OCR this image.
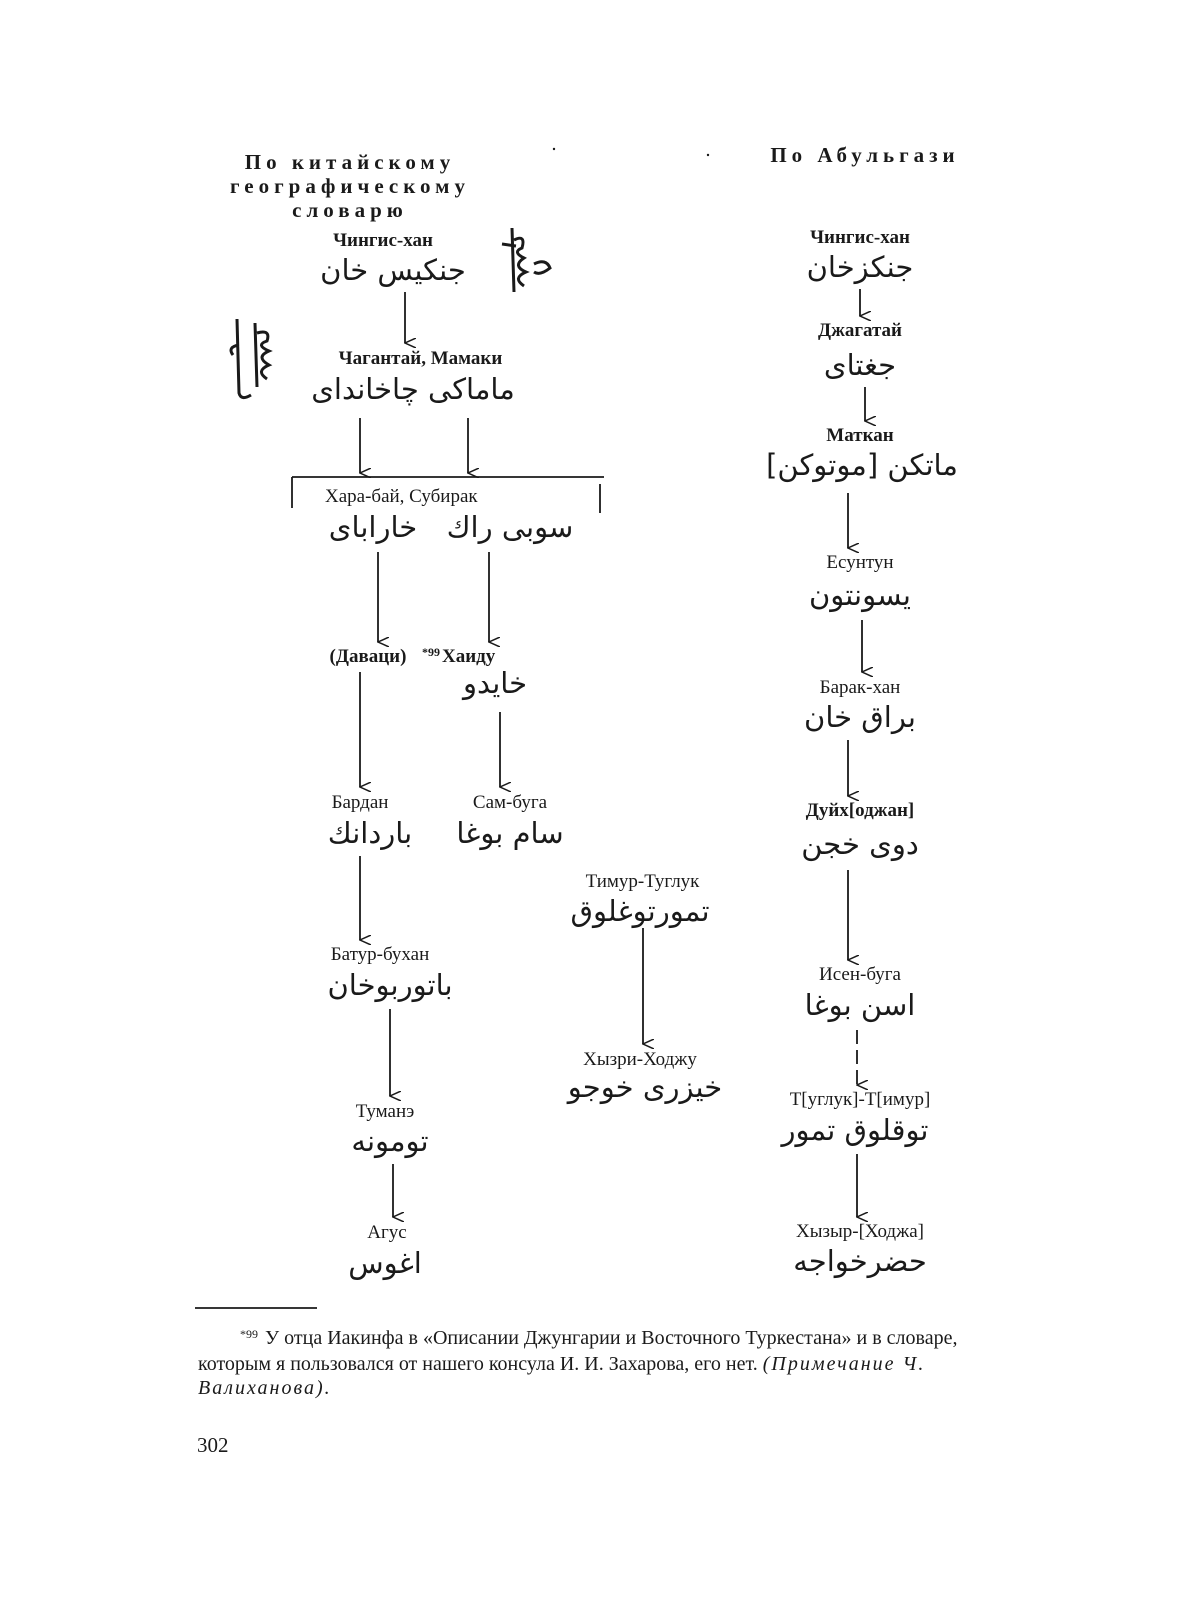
По китайскому
географическому
словарю
По Абульгази
Чингис-хан
جنكيس خان
Чагантай, Мамаки
ماماكی چاخانداى
Хара-бай, Субирак
خارابای	سوبی راك
(Даваци)	$^{*99}$ Хаиду
خايدو
Бардан
باردانك
Сам-буга
سام بوغا
Батур-бухан
باتوربوخان
Туманэ
تومونه
Агус
اغوس
Тимур-Туглук
تمورتوغلوق
Хызри-Ходжу
خيزری خوجو
Чингис-хан
جنكزخان
Джагатай
جغتای
Маткан
ماتكن [موتوكن]
Есунтун
يسونتون
Барак-хан
براق خان
Дуйх[оджан]
دوی خجن
Исен-буга
اسن بوغا
Т[углук]-Т[имур]
توقلوق تمور
Хызыр-[Ходжа]
حضرخواجه
$^{*99}$ У отца Иакинфа в «Описании Джунгарии и Восточного Туркестана» и в словаре, которым я пользовался от нашего консула И. И. Захарова, его нет. (Примечание Ч. Валиханова).
302
